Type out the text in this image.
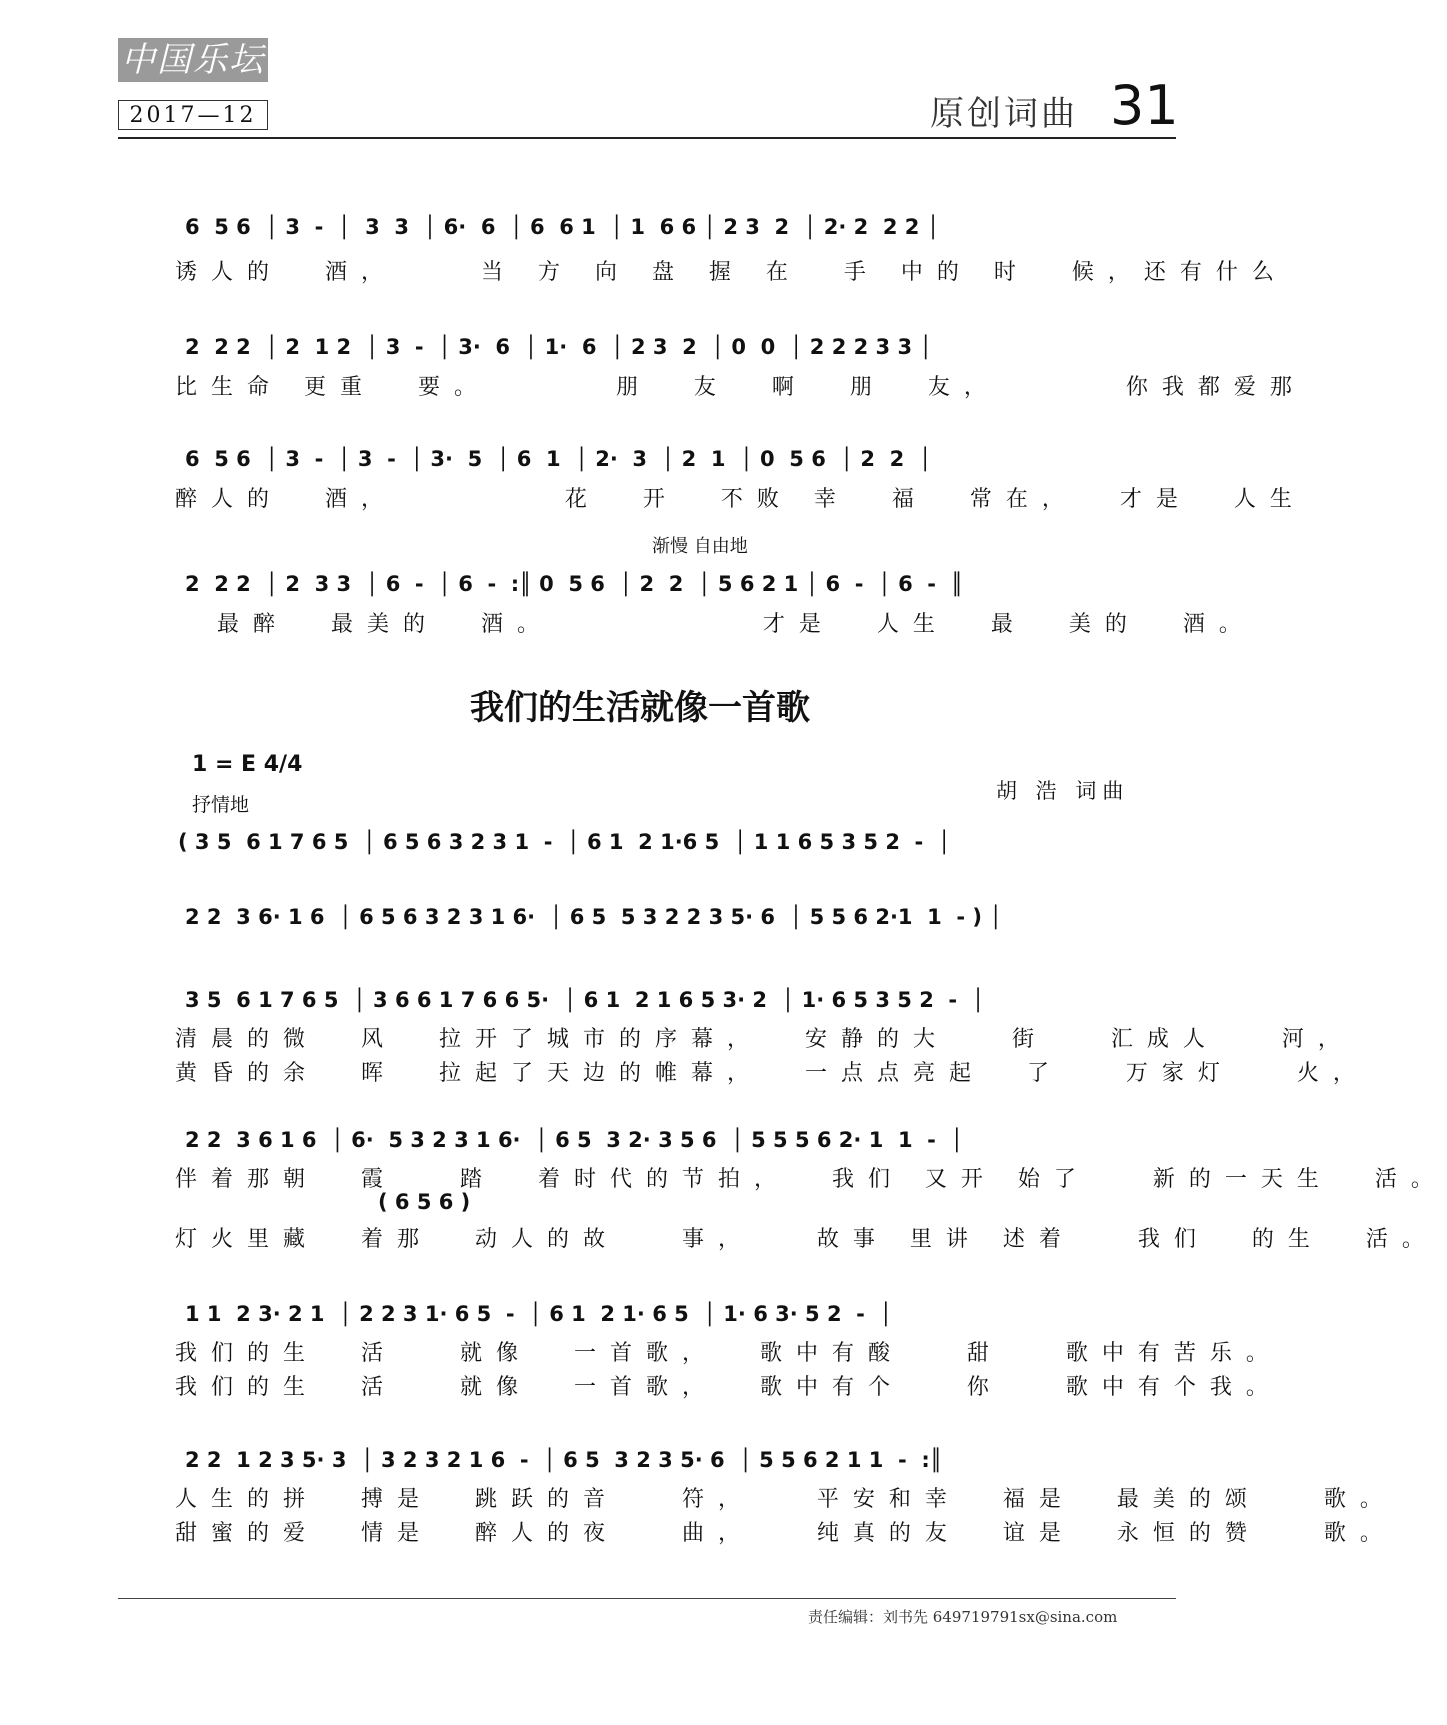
中国乐坛
2017—12	原创词曲 31
6  5 6  │ 3  -  │  3  3  │ 6·  6  │ 6  6 1  │ 1  6 6 │ 2 3  2  │ 2· 2  2 2 │
诱人的  酒，    当 方 向 盘 握 在  手 中的 时  候，还有什么
2  2 2  │ 2  1 2  │ 3  -  │ 3·  6  │ 1·  6  │ 2 3  2  │ 0  0  │ 2 2 2 3 3 │
比生命 更重  要。      朋  友  啊  朋  友，      你我都爱那
6  5 6  │ 3  -  │ 3  -  │ 3·  5  │ 6  1  │ 2·  3  │ 2  1  │ 0  5 6  │ 2  2  │
醉人的  酒，        花  开  不败 幸  福  常在，  才是  人生
渐慢 自由地
2  2 2  │ 2  3 3  │ 6  -  │ 6  -  :║ 0  5 6  │ 2  2  │ 5 6 2 1 │ 6  -  │ 6  -  ║
最醉  最美的  酒。          才是  人生  最  美的  酒。
我们的生活就像一首歌
1 = E 4/4
抒情地
胡 浩 词曲
( 3 5  6 1 7 6 5  │ 6 5 6 3 2 3 1  -  │ 6 1  2 1·6 5  │ 1 1 6 5 3 5 2  -  │
2 2  3 6· 1 6  │ 6 5 6 3 2 3 1 6·  │ 6 5  5 3 2 2 3 5· 6  │ 5 5 6 2·1  1  - ) │
3 5  6 1 7 6 5  │ 3 6 6 1 7 6 6 5·  │ 6 1  2 1 6 5 3· 2  │ 1· 6 5 3 5 2  -  │
清晨的微  风  拉开了城市的序幕，  安静的大   街   汇成人   河，
黄昏的余  晖  拉起了天边的帷幕，  一点点亮起  了   万家灯   火，
2 2  3 6 1 6  │ 6·  5 3 2 3 1 6·  │ 6 5  3 2· 3 5 6  │ 5 5 5 6 2· 1  1  -  │
伴着那朝  霞   踏  着时代的节拍，  我们 又开 始了   新的一天生  活。
( 6 5 6 )
灯火里藏  着那  动人的故   事，   故事 里讲 述着   我们  的生  活。
1 1  2 3· 2 1  │ 2 2 3 1· 6 5  -  │ 6 1  2 1· 6 5  │ 1· 6 3· 5 2  -  │
我们的生  活   就像  一首歌，  歌中有酸   甜   歌中有苦乐。
我们的生  活   就像  一首歌，  歌中有个   你   歌中有个我。
2 2  1 2 3 5· 3  │ 3 2 3 2 1 6  -  │ 6 5  3 2 3 5· 6  │ 5 5 6 2 1 1  -  :║
人生的拼  搏是  跳跃的音   符，   平安和幸  福是  最美的颂   歌。
甜蜜的爱  情是  醉人的夜   曲，   纯真的友  谊是  永恒的赞   歌。
责任编辑：刘书先 649719791sx@sina.com
